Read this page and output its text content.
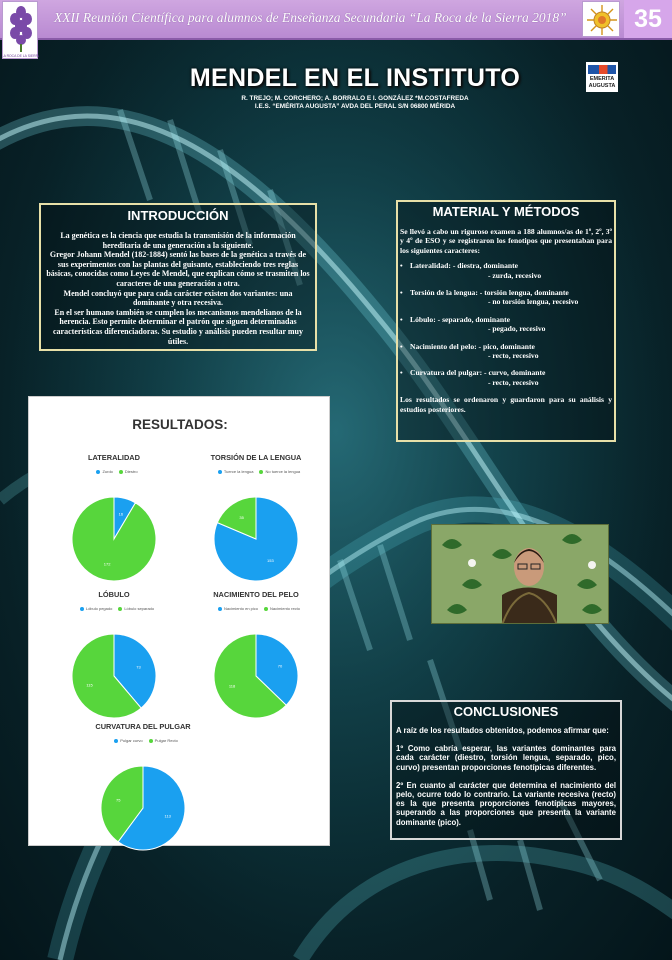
LA ROCA DE LA SIERRA
XXII Reunión Científica para alumnos de Enseñanza Secundaria “La Roca de la Sierra 2018”	35
MENDEL EN EL INSTITUTO
R. TREJO; M. CORCHERO; A. BORRALO E I. GONZÁLEZ *M.COSTAFREDA
I.E.S. “EMÉRITA AUGUSTA” AVDA DEL PERAL S/N 06800 MÉRIDA
EMERITA
AUGUSTA
INTRODUCCIÓN

La genética es la ciencia que estudia la transmisión de la información hereditaria de una generación a la siguiente.

Gregor Johann Mendel (182-1884) sentó las bases de la genética a través de sus experimentos con las plantas del guisante, estableciendo tres reglas básicas, conocidas como Leyes de Mendel, que explican cómo se trasmiten los caracteres de una generación a otra.

Mendel concluyó que para cada carácter existen dos variantes: una dominante y otra recesiva.

En el ser humano también se cumplen los mecanismos mendelianos de la herencia. Esto permite determinar el patrón que siguen determinadas características diferenciadoras. Su estudio y análisis pueden resultar muy útiles.

MATERIAL Y MÉTODOS

Se llevó a cabo un riguroso examen a 188 alumnos/as de 1º, 2º, 3º y 4º de ESO y se registraron los fenotipos que presentaban para los siguientes caracteres:

• Lateralidad: - diestra, dominante
- zurda, recesivo
• Torsión de la lengua: - torsión lengua, dominante
- no torsión lengua, recesivo
• Lóbulo: - separado, dominante
- pegado, recesivo
• Nacimiento del pelo: - pico, dominante
- recto, recesivo
• Curvatura del pulgar: - curvo, dominante
- recto, recesivo

Los resultados se ordenaron y guardaron para su análisis y estudios posteriores.

RESULTADOS:
LATERALIDAD
Zurdo	Diestro
16
172
TORSIÓN DE LA LENGUA
Tuerce la lengua	No tuerce la lengua
153
35
LÓBULO
Lóbulo pegado	Lóbulo separado
73
115
NACIMIENTO DEL PELO
Nacimiento en pico	Nacimiento recto
70
118
CURVATURA DEL PULGAR
Pulgar curvo	Pulgar Recto
113
75
CONCLUSIONES

A raíz de los resultados obtenidos, podemos afirmar que:

1º Como cabría esperar, las variantes dominantes para cada carácter (diestro, torsión lengua, separado, pico, curvo) presentan proporciones fenotípicas diferentes.

2º En cuanto al carácter que determina el nacimiento del pelo, ocurre todo lo contrario. La variante recesiva (recto) es la que presenta proporciones fenotípicas mayores, superando a las proporciones que presenta la variante dominante (pico).
